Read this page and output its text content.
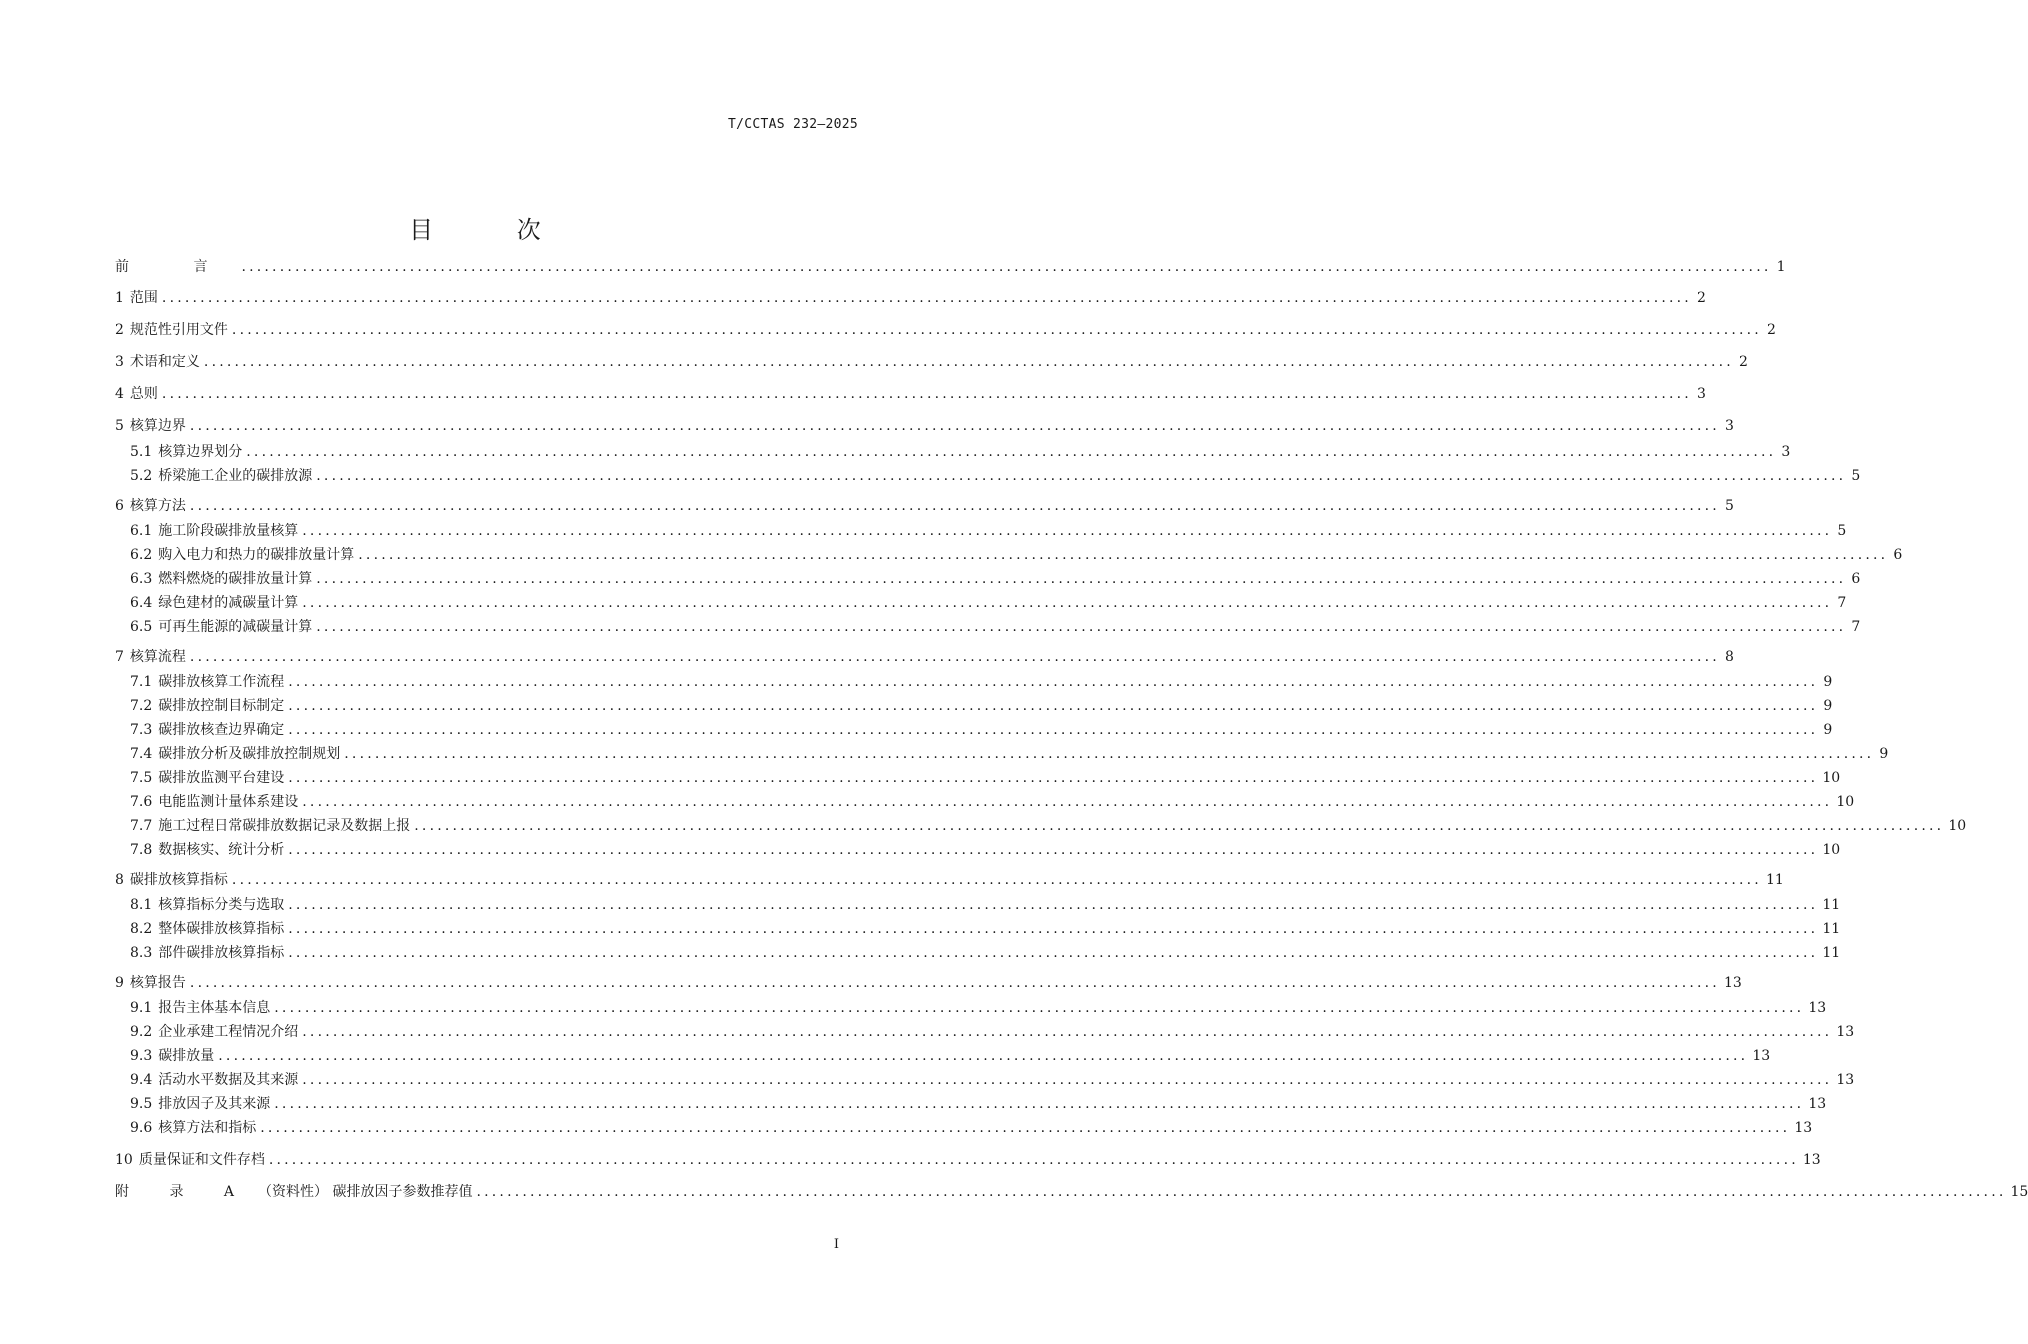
T/CCTAS 232—2025
目 次
前 言 ........................................................................................................................................................................................................ 1
1 范围 ........................................................................................................................................................................................................ 2
2 规范性引用文件 ........................................................................................................................................................................................................ 2
3 术语和定义 ........................................................................................................................................................................................................ 2
4 总则 ........................................................................................................................................................................................................ 3
5 核算边界 ........................................................................................................................................................................................................ 3
5.1 核算边界划分 ........................................................................................................................................................................................................ 3
5.2 桥梁施工企业的碳排放源 ........................................................................................................................................................................................................ 5
6 核算方法 ........................................................................................................................................................................................................ 5
6.1 施工阶段碳排放量核算 ........................................................................................................................................................................................................ 5
6.2 购入电力和热力的碳排放量计算 ........................................................................................................................................................................................................ 6
6.3 燃料燃烧的碳排放量计算 ........................................................................................................................................................................................................ 6
6.4 绿色建材的减碳量计算 ........................................................................................................................................................................................................ 7
6.5 可再生能源的减碳量计算 ........................................................................................................................................................................................................ 7
7 核算流程 ........................................................................................................................................................................................................ 8
7.1 碳排放核算工作流程 ........................................................................................................................................................................................................ 9
7.2 碳排放控制目标制定 ........................................................................................................................................................................................................ 9
7.3 碳排放核查边界确定 ........................................................................................................................................................................................................ 9
7.4 碳排放分析及碳排放控制规划 ........................................................................................................................................................................................................ 9
7.5 碳排放监测平台建设 ........................................................................................................................................................................................................ 10
7.6 电能监测计量体系建设 ........................................................................................................................................................................................................ 10
7.7 施工过程日常碳排放数据记录及数据上报 ........................................................................................................................................................................................................ 10
7.8 数据核实、统计分析 ........................................................................................................................................................................................................ 10
8 碳排放核算指标 ........................................................................................................................................................................................................ 11
8.1 核算指标分类与选取 ........................................................................................................................................................................................................ 11
8.2 整体碳排放核算指标 ........................................................................................................................................................................................................ 11
8.3 部件碳排放核算指标 ........................................................................................................................................................................................................ 11
9 核算报告 ........................................................................................................................................................................................................ 13
9.1 报告主体基本信息 ........................................................................................................................................................................................................ 13
9.2 企业承建工程情况介绍 ........................................................................................................................................................................................................ 13
9.3 碳排放量 ........................................................................................................................................................................................................ 13
9.4 活动水平数据及其来源 ........................................................................................................................................................................................................ 13
9.5 排放因子及其来源 ........................................................................................................................................................................................................ 13
9.6 核算方法和指标 ........................................................................................................................................................................................................ 13
10 质量保证和文件存档 ........................................................................................................................................................................................................ 13
附 录 A （资料性） 碳排放因子参数推荐值 ........................................................................................................................................................................................................ 15
I
